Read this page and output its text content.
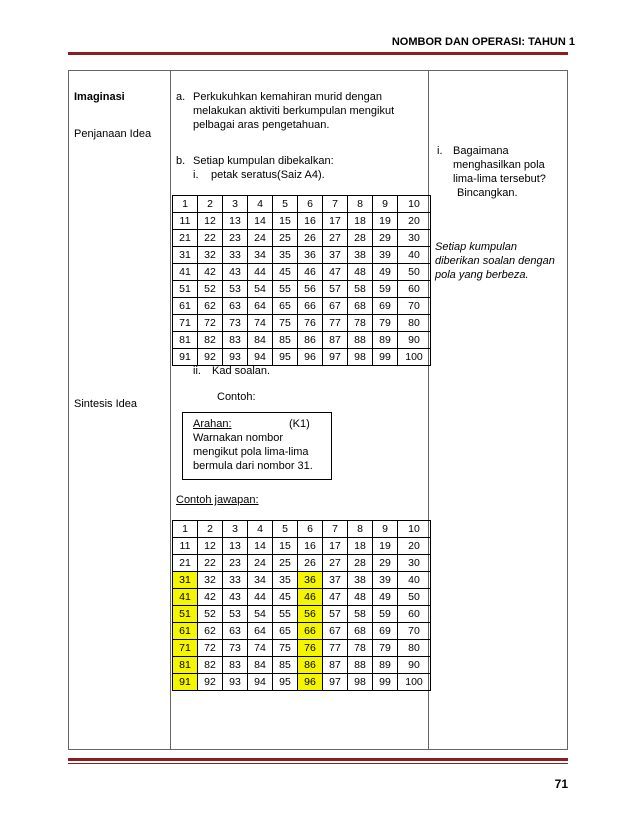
NOMBOR DAN OPERASI: TAHUN 1
Imaginasi
Penjanaan Idea
Sintesis Idea
a. Perkukuhkan kemahiran murid dengan
melakukan aktiviti berkumpulan mengikut
pelbagai aras pengetahuan.
b. Setiap kumpulan dibekalkan:
i. petak seratus(Saiz A4).
1	2	3	4	5	6	7	8	9	10
11	12	13	14	15	16	17	18	19	20
21	22	23	24	25	26	27	28	29	30
31	32	33	34	35	36	37	38	39	40
41	42	43	44	45	46	47	48	49	50
51	52	53	54	55	56	57	58	59	60
61	62	63	64	65	66	67	68	69	70
71	72	73	74	75	76	77	78	79	80
81	82	83	84	85	86	87	88	89	90
91	92	93	94	95	96	97	98	99	100
ii. Kad soalan.
Contoh:
Arahan:	(K1)
Warnakan nombor
mengikut pola lima-lima
bermula dari nombor 31.
Contoh jawapan:
1	2	3	4	5	6	7	8	9	10
11	12	13	14	15	16	17	18	19	20
21	22	23	24	25	26	27	28	29	30
31	32	33	34	35	36	37	38	39	40
41	42	43	44	45	46	47	48	49	50
51	52	53	54	55	56	57	58	59	60
61	62	63	64	65	66	67	68	69	70
71	72	73	74	75	76	77	78	79	80
81	82	83	84	85	86	87	88	89	90
91	92	93	94	95	96	97	98	99	100
i. Bagaimana
menghasilkan pola
lima-lima tersebut?
Bincangkan.
Setiap kumpulan
diberikan soalan dengan
pola yang berbeza.
71
